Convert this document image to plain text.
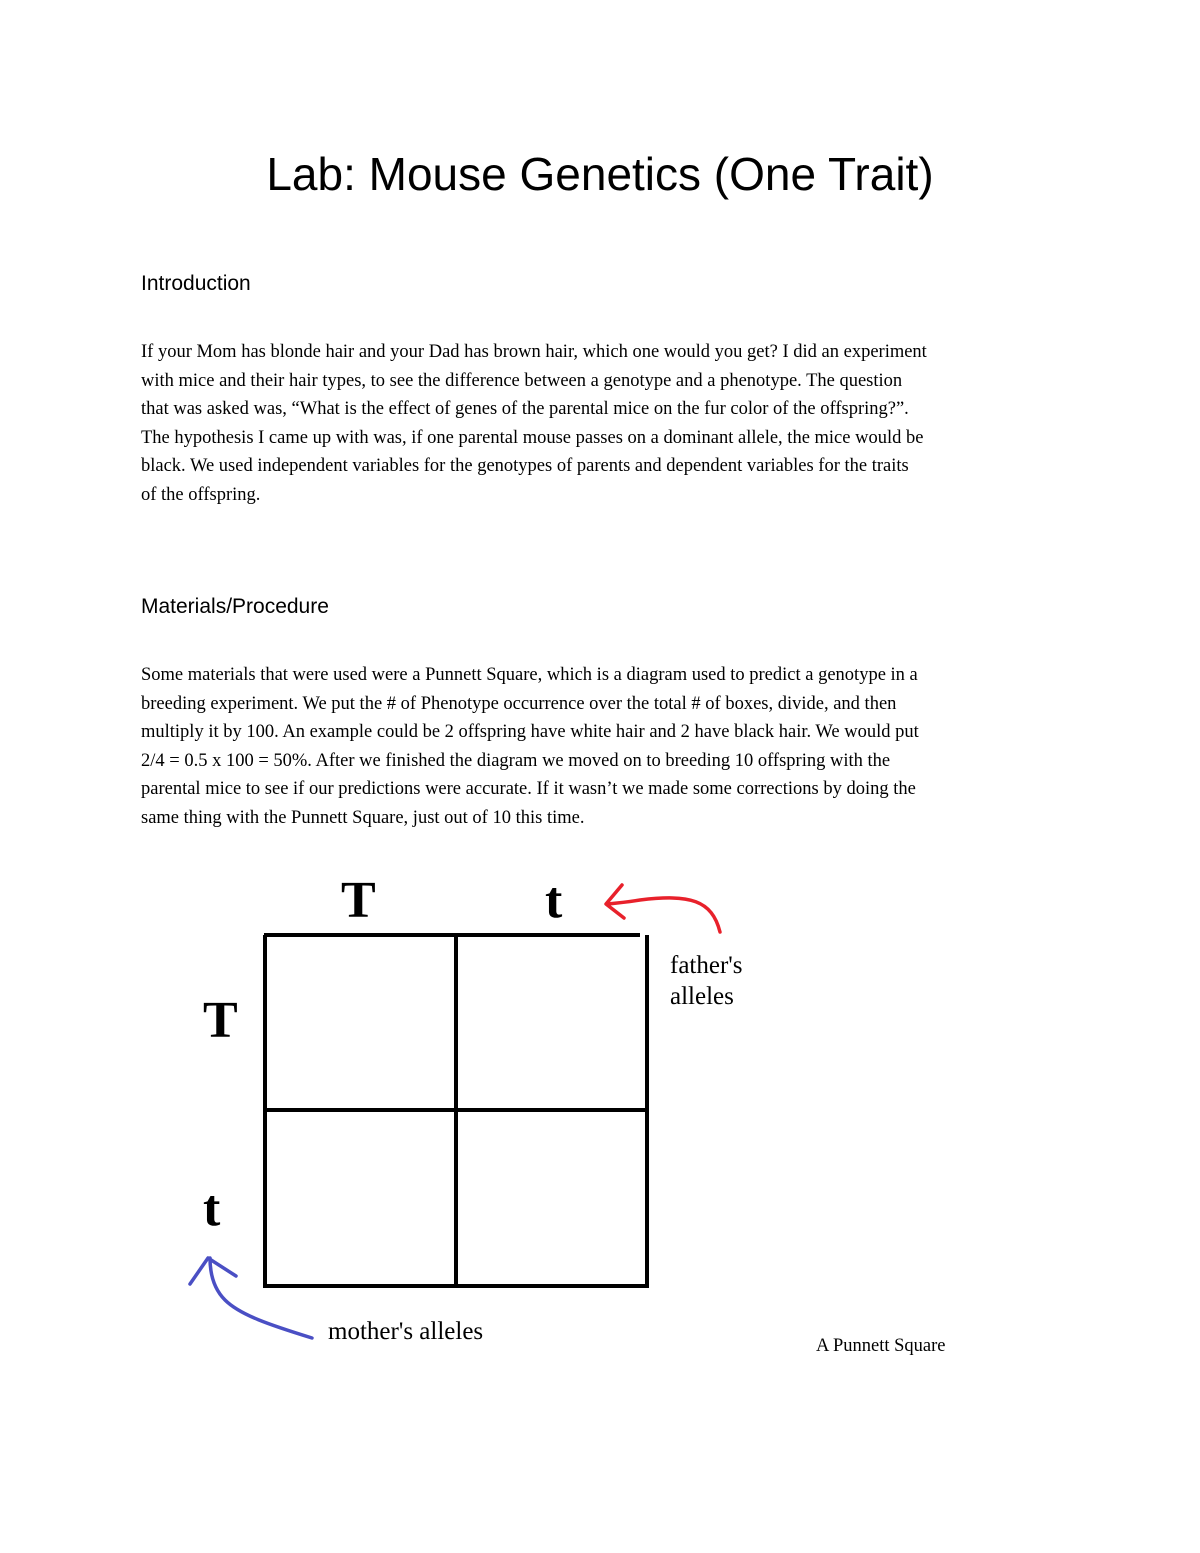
Lab: Mouse Genetics (One Trait)
Introduction

If your Mom has blonde hair and your Dad has brown hair, which one would you get? I did an experiment
with mice and their hair types, to see the difference between a genotype and a phenotype. The question
that was asked was, “What is the effect of genes of the parental mice on the fur color of the offspring?”.
The hypothesis I came up with was, if one parental mouse passes on a dominant allele, the mice would be
black. We used independent variables for the genotypes of parents and dependent variables for the traits
of the offspring.

Materials/Procedure

Some materials that were used were a Punnett Square, which is a diagram used to predict a genotype in a
breeding experiment. We put the # of Phenotype occurrence over the total # of boxes, divide, and then
multiply it by 100. An example could be 2 offspring have white hair and 2 have black hair. We would put
2/4 = 0.5 x 100 = 50%. After we finished the diagram we moved on to breeding 10 offspring with the
parental mice to see if our predictions were accurate. If it wasn’t we made some corrections by doing the
same thing with the Punnett Square, just out of 10 this time.

T	t
T
t
father's
alleles
mother's alleles

A Punnett Square
